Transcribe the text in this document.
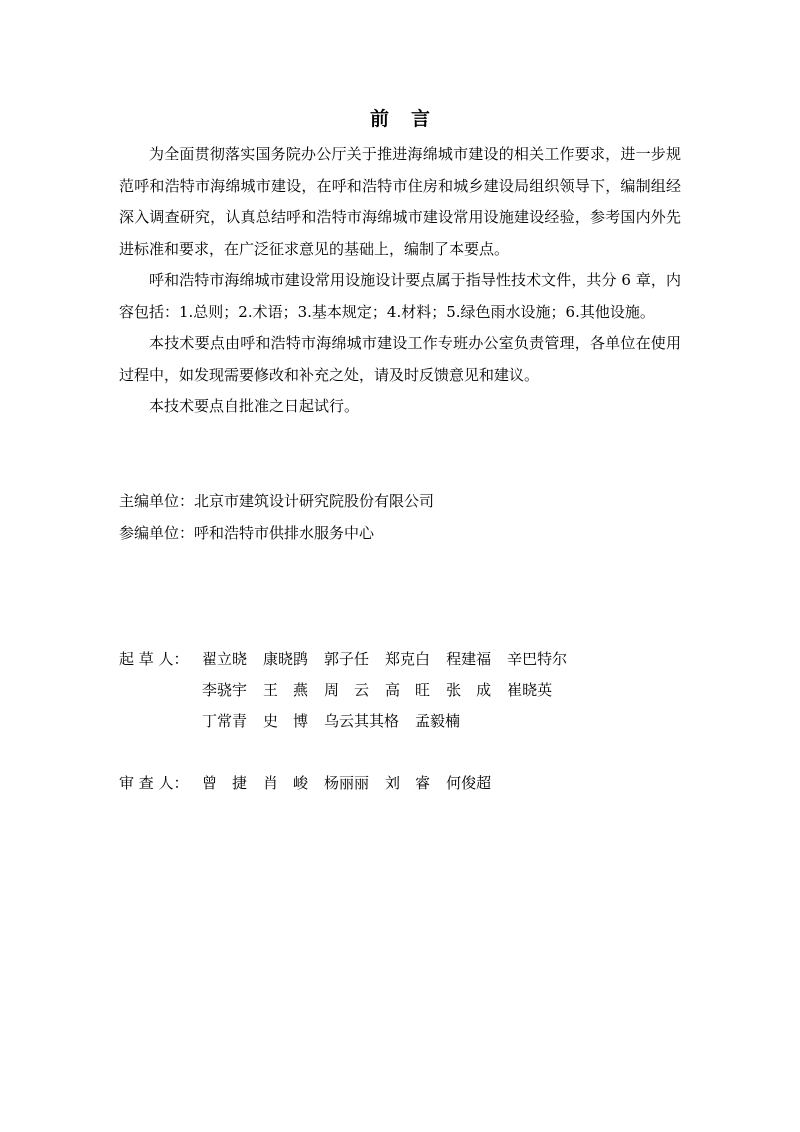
前言

为全面贯彻落实国务院办公厅关于推进海绵城市建设的相关工作要求，进一步规范呼和浩特市海绵城市建设，在呼和浩特市住房和城乡建设局组织领导下，编制组经深入调查研究，认真总结呼和浩特市海绵城市建设常用设施建设经验，参考国内外先进标准和要求，在广泛征求意见的基础上，编制了本要点。

呼和浩特市海绵城市建设常用设施设计要点属于指导性技术文件，共分 6 章，内容包括：1.总则；2.术语；3.基本规定；4.材料；5.绿色雨水设施；6.其他设施。

本技术要点由呼和浩特市海绵城市建设工作专班办公室负责管理，各单位在使用过程中，如发现需要修改和补充之处，请及时反馈意见和建议。

本技术要点自批准之日起试行。

主编单位：北京市建筑设计研究院股份有限公司
参编单位：呼和浩特市供排水服务中心
起 草 人： 翟立晓 康晓鹍 郭子任 郑克白 程建福 辛巴特尔
李骁宇 王　燕 周　云 高　旺 张　成 崔晓英
丁常青 史　博 乌云其其格 孟毅楠
审 查 人： 曾　捷 肖　峻 杨丽丽 刘　睿 何俊超
